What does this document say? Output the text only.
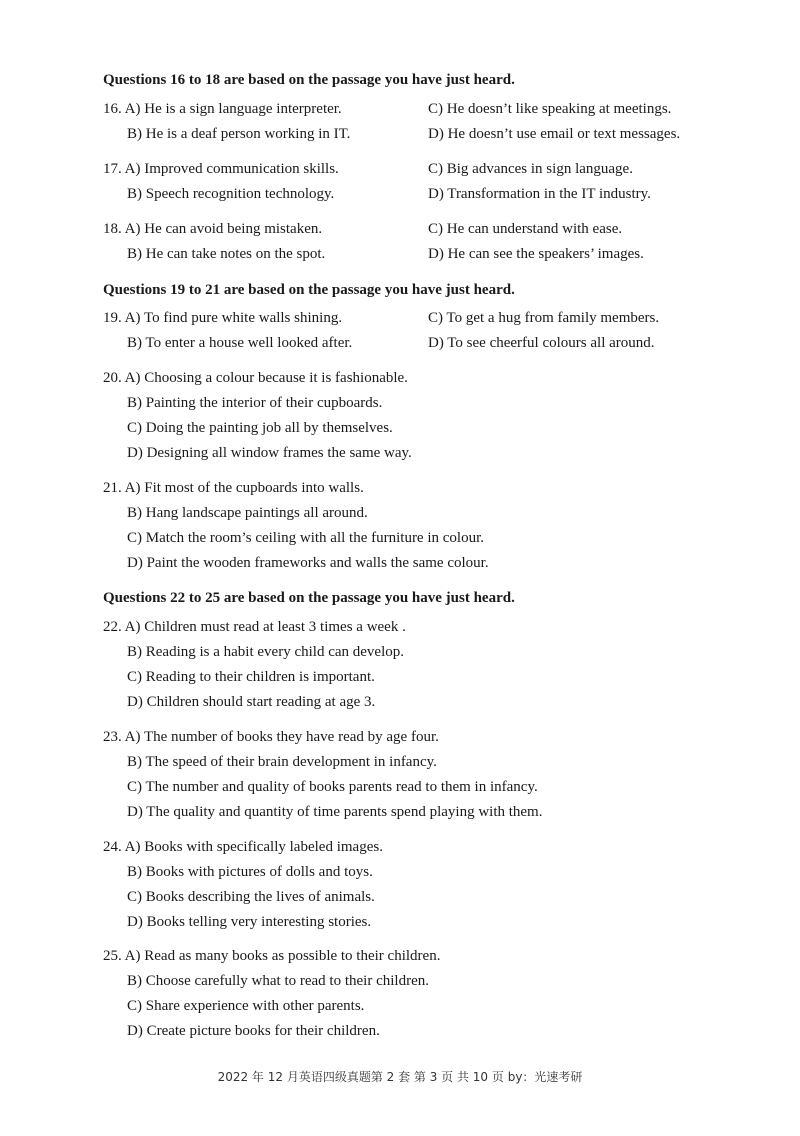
Questions 16 to 18 are based on the passage you have just heard.
16. A) He is a sign language interpreter.	C) He doesn’t like speaking at meetings.
B) He is a deaf person working in IT.	D) He doesn’t use email or text messages.
17. A) Improved communication skills.	C) Big advances in sign language.
B) Speech recognition technology.	D) Transformation in the IT industry.
18. A) He can avoid being mistaken.	C) He can understand with ease.
B) He can take notes on the spot.	D) He can see the speakers’ images.
Questions 19 to 21 are based on the passage you have just heard.
19. A) To find pure white walls shining.	C) To get a hug from family members.
B) To enter a house well looked after.	D) To see cheerful colours all around.
20. A) Choosing a colour because it is fashionable.
B) Painting the interior of their cupboards.
C) Doing the painting job all by themselves.
D) Designing all window frames the same way.
21. A) Fit most of the cupboards into walls.
B) Hang landscape paintings all around.
C) Match the room’s ceiling with all the furniture in colour.
D) Paint the wooden frameworks and walls the same colour.
Questions 22 to 25 are based on the passage you have just heard.
22. A) Children must read at least 3 times a week .
B) Reading is a habit every child can develop.
C) Reading to their children is important.
D) Children should start reading at age 3.
23. A) The number of books they have read by age four.
B) The speed of their brain development in infancy.
C) The number and quality of books parents read to them in infancy.
D) The quality and quantity of time parents spend playing with them.
24. A) Books with specifically labeled images.
B) Books with pictures of dolls and toys.
C) Books describing the lives of animals.
D) Books telling very interesting stories.
25. A) Read as many books as possible to their children.
B) Choose carefully what to read to their children.
C) Share experience with other parents.
D) Create picture books for their children.
2022 年 12 月英语四级真题第 2 套 第 3 页 共 10 页 by：光速考研
